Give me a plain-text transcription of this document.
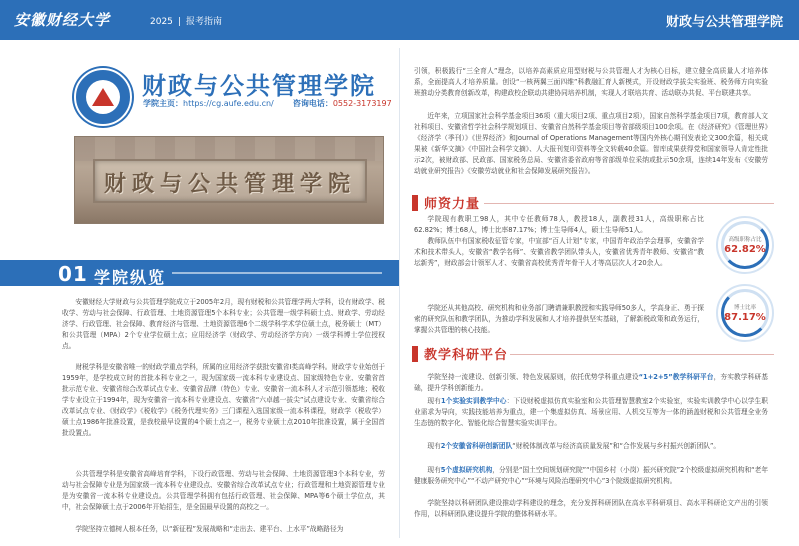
安徽财经大学	2025 | 报考指南	财政与公共管理学院
财政与公共管理学院
学院主页：https://cg.aufe.edu.cn/ 咨询电话：0552-3173197
财政与公共管理学院
01 学院纵览

安徽财经大学财政与公共管理学院成立于2005年2月，现有财税和公共管理学两大学科，设有财政学、税收学、劳动与社会保障、行政管理、土地资源管理5个本科专业；公共管理一级学科硕士点、财政学、劳动经济学、行政管理、社会保障、教育经济与管理、土地资源管理6个二级学科学术学位硕士点，税务硕士（MT）和公共管理（MPA）2个专业学位硕士点；应用经济学（财政学、劳动经济学方向）一级学科博士学位授权点。

财税学科是安徽省唯一的财政学重点学科，所属的应用经济学获批安徽省Ⅰ类高峰学科。财政学专业始创于1959年，是学校成立时的首批本科专业之一，现为国家级一流本科专业建设点、国家级特色专业、安徽省首批示范专业、安徽省综合改革试点专业、安徽省品牌（特色）专业、安徽省一流本科人才示范引领基地；税收学专业设立于1994年，现为安徽省一流本科专业建设点、安徽省“六卓越一拔尖”试点建设专业、安徽省综合改革试点专业、《财政学》《税收学》《税务代理实务》三门课程入选国家级一流本科课程，财政学（税收学）硕士点1986年批准设置，是我校最早设置的4个硕士点之一，税务专业硕士点2010年批准设置，属于全国首批设置点。

公共管理学科是安徽省高峰培育学科，下设行政管理、劳动与社会保障、土地资源管理3个本科专业，劳动与社会保障专业是为国家级一流本科专业建设点、安徽省综合改革试点专业；行政管理和土地资源管理专业是为安徽省一流本科专业建设点。公共管理学科拥有包括行政管理、社会保障、MPA等6个硕士学位点，其中，社会保障硕士点于2006年开始招生，是全国最早设置的高校之一。

学院坚持立德树人根本任务，以“新征程”发展战略和“走出去、建平台、上水平”战略路径为

引领，积极践行“三全育人”理念，以培养高素质应用型财税与公共管理人才为核心目标，建立健全高质量人才培养体系，全面提高人才培养质量。创设“一核两翼三面四维”科教融汇育人新模式，开设财政学拔尖实验班、税务师方向实验班推动分类教育创新改革，构建政校企联动共建协同培养机制，实现人才联培共育、活动联办共促、平台联建共享。

近年来，立项国家社会科学基金项目36项（重大项目2项、重点项目2项），国家自然科学基金项目7项，教育部人文社科项目、安徽省哲学社会科学规划项目、安徽省自然科学基金项目等省部级项目100余项。在《经济研究》《管理世界》《经济学（季刊）》《世界经济》和Journal of Operations Management等国内外核心期刊发表论文300余篇，相关成果被《新华文摘》《中国社会科学文摘》、人大报刊复印资料等全文转载40余篇。智库成果获得党和国家领导人肯定性批示2次，被财政部、民政部、国家税务总局、安徽省委省政府等省部级单位采纳或批示50余项，连续14年发布《安徽劳动就业研究报告》《安徽劳动就业和社会保障发展研究报告》。

师资力量

学院现有教职工98人，其中专任教师78人，教授18人，副教授31人，高级职称占比62.82%；博士68人，博士比率87.17%；博士生导师4人，硕士生导师51人。

教师队伍中有国家税收征管专家，中宣部“百人计划”专家，中国青年政治学会理事，安徽省学术和技术带头人，安徽省“教学名师”、安徽省教学团队带头人，安徽省优秀青年教师、安徽省“教坛新秀”，财政部会计领军人才、安徽省高校优秀青年骨干人才等高层次人才20余人。

学院还从其他高校、研究机构和业务部门聘请兼职教授和实践导师50多人，学高身正、勇于探索的研究队伍和教学团队，为推动学科发展和人才培养提供坚实基础，了解新税政策和政务运行，掌握公共管理的核心技能。

高级职称占比
62.82%
博士比率
87.17%
教学科研平台

学院坚持一流建设、创新引领、特色发展原则，依托优势学科重点建设“1+2+5”教学科研平台，夯实教学科研基础，提升学科创新能力。

现有1个实验实训教学中心：下设财税虚拟仿真实验室和公共管理智慧教室2个实验室，实验实训教学中心以学生职业需求为导向，实践技能培养为重点，建一个集虚拟仿真、场景应用、人机交互等为一体的涵盖财税和公共管理全业务生态链的数字化、智能化综合智慧实验实训平台。

现有2个安徽省科研创新团队“财税体制改革与经济高质量发展”和“合作发展与乡村振兴创新团队”。

现有5个虚拟研究机构，分别是“国土空间规划研究院”“中国乡村（小岗）振兴研究院”2个校级虚拟研究机构和“老年健康服务研究中心”“不动产研究中心”“环境与风险治理研究中心”3个院级虚拟研究机构。

学院坚持以科研团队建设推动学科建设的理念，充分发挥科研团队在高水平科研项目、高水平科研论文产出的引领作用，以科研团队建设提升学院的整体科研水平。
